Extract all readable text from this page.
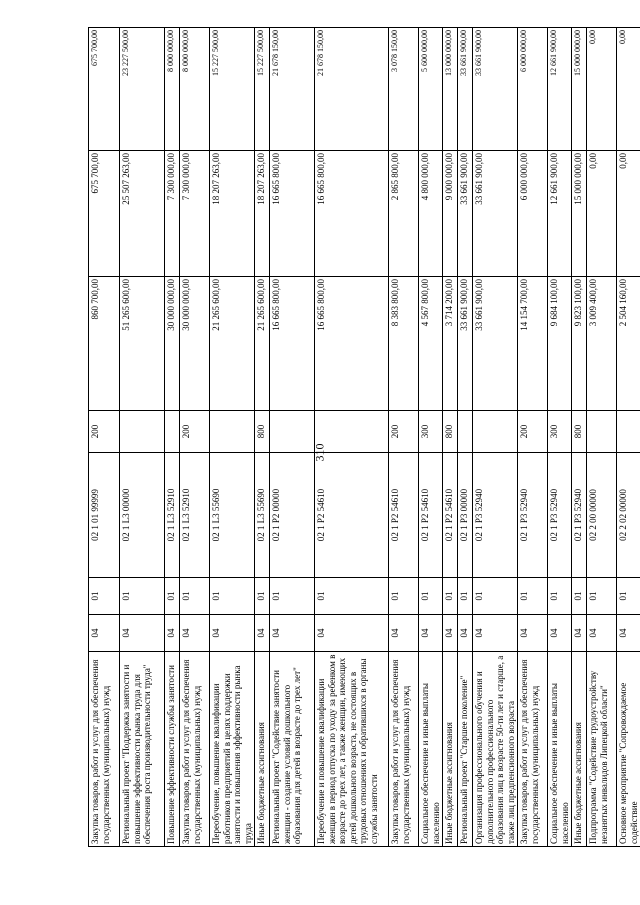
310
Закупка товаров, работ и услуг для обеспечения государственных (муниципальных) нужд	04	01	02 1 01 99999	200	860 700,00	675 700,00	675 700,00
Региональный проект "Поддержка занятости и повышение эффективности рынка труда для обеспечения роста производительности труда"	04	01	02 1 L3 00000		51 265 600,00	25 507 263,00	23 227 500,00
Повышение эффективности службы занятости	04	01	02 1 L3 52910		30 000 000,00	7 300 000,00	8 000 000,00
Закупка товаров, работ и услуг для обеспечения государственных (муниципальных) нужд	04	01	02 1 L3 52910	200	30 000 000,00	7 300 000,00	8 000 000,00
Переобучение, повышение квалификации работников предприятий в целях поддержки занятости и повышения эффективности рынка труда	04	01	02 1 L3 55690		21 265 600,00	18 207 263,00	15 227 500,00
Иные бюджетные ассигнования	04	01	02 1 L3 55690	800	21 265 600,00	18 207 263,00	15 227 500,00
Региональный проект "Содействие занятости женщин - создание условий дошкольного образования для детей в возрасте до трех лет"	04	01	02 1 P2 00000		16 665 800,00	16 665 800,00	21 678 150,00
Переобучение и повышение квалификации женщин в период отпуска по уходу за ребенком в возрасте до трех лет, а также женщин, имеющих детей дошкольного возраста, не состоящих в трудовых отношениях и обратившихся в органы службы занятости	04	01	02 1 P2 54610		16 665 800,00	16 665 800,00	21 678 150,00
Закупка товаров, работ и услуг для обеспечения государственных (муниципальных) нужд	04	01	02 1 P2 54610	200	8 383 800,00	2 865 800,00	3 078 150,00
Социальное обеспечение и иные выплаты населению	04	01	02 1 P2 54610	300	4 567 800,00	4 800 000,00	5 600 000,00
Иные бюджетные ассигнования	04	01	02 1 P2 54610	800	3 714 200,00	9 000 000,00	13 000 000,00
Региональный проект "Старшее поколение"	04	01	02 1 P3 00000		33 661 900,00	33 661 900,00	33 661 900,00
Организация профессионального обучения и дополнительного профессионального образования лиц в возрасте 50-ти лет и старше, а также лиц предпенсионного возраста	04	01	02 1 P3 52940		33 661 900,00	33 661 900,00	33 661 900,00
Закупка товаров, работ и услуг для обеспечения государственных (муниципальных) нужд	04	01	02 1 P3 52940	200	14 154 700,00	6 000 000,00	6 000 000,00
Социальное обеспечение и иные выплаты населению	04	01	02 1 P3 52940	300	9 684 100,00	12 661 900,00	12 661 900,00
Иные бюджетные ассигнования	04	01	02 1 P3 52940	800	9 823 100,00	15 000 000,00	15 000 000,00
Подпрограмма "Содействие трудоустройству незанятых инвалидов Липецкой области"	04	01	02 2 00 00000		3 009 400,00	0,00	0,00
Основное мероприятие "Сопровождаемое содействие	04	01	02 2 02 00000		2 504 160,00	0,00	0,00
